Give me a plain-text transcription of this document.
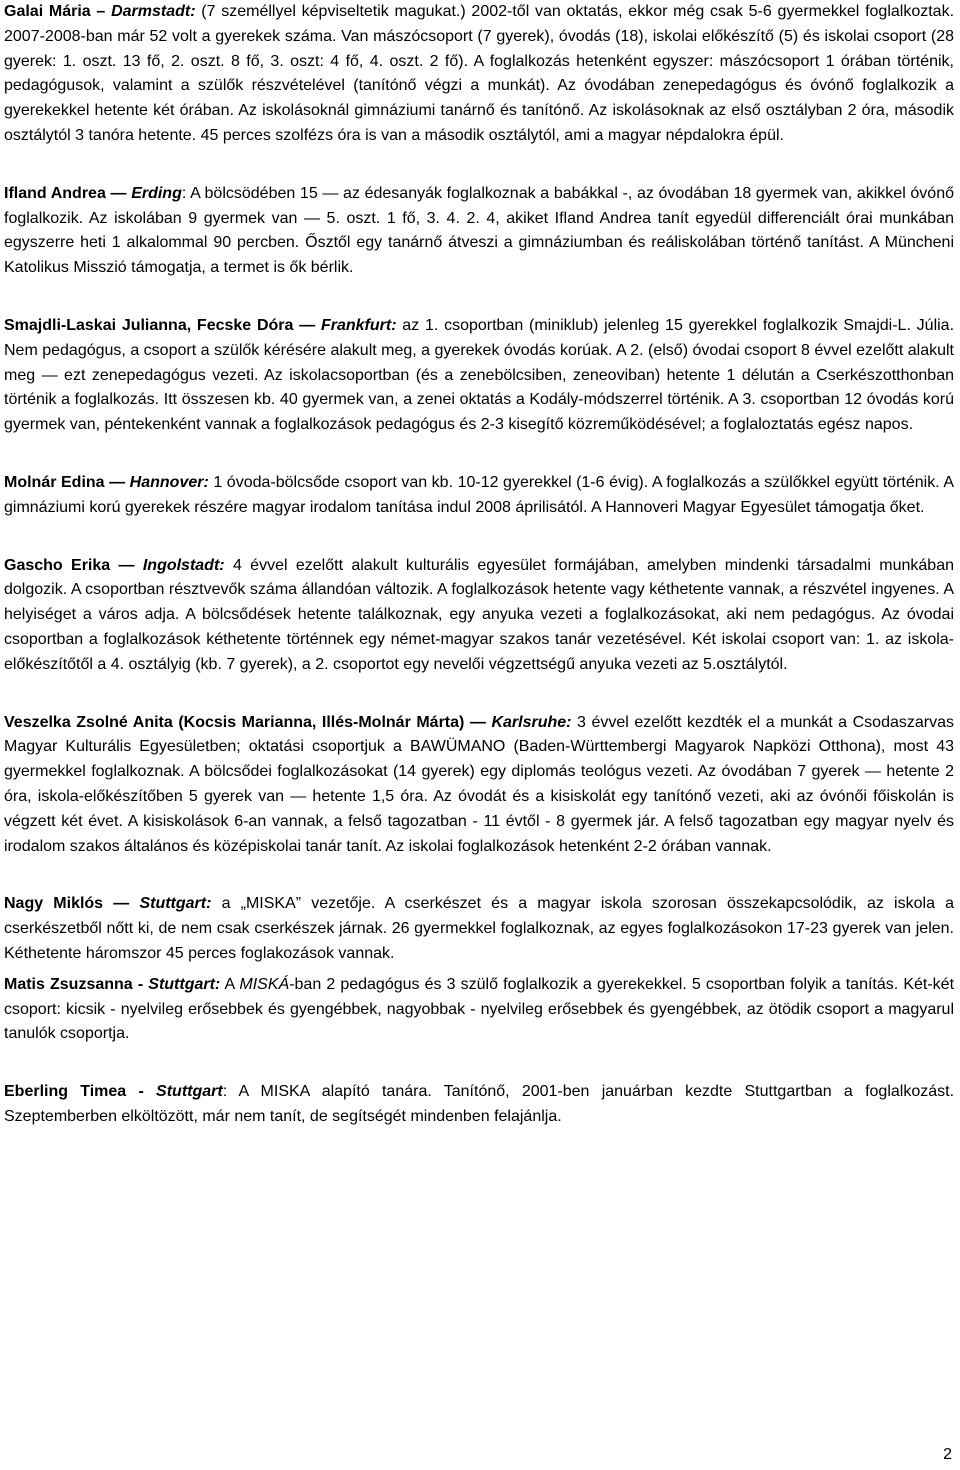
Galai Mária – Darmstadt: (7 személlyel képviseltetik magukat.) 2002-től van oktatás, ekkor még csak 5-6 gyermekkel foglalkoztak. 2007-2008-ban már 52 volt a gyerekek száma. Van mászócsoport (7 gyerek), óvodás (18), iskolai előkészítő (5) és iskolai csoport (28 gyerek: 1. oszt. 13 fő, 2. oszt. 8 fő, 3. oszt: 4 fő, 4. oszt. 2 fő). A foglalkozás hetenként egyszer: mászócsoport 1 órában történik, pedagógusok, valamint a szülők részvételével (tanítónő végzi a munkát). Az óvodában zenepedagógus és óvónő foglalkozik a gyerekekkel hetente két órában. Az iskolásoknál gimnáziumi tanárnő és tanítónő. Az iskolásoknak az első osztályban 2 óra, második osztálytól 3 tanóra hetente. 45 perces szolfézs óra is van a második osztálytól, ami a magyar népdalokra épül.

Ifland Andrea — Erding: A bölcsödében 15 — az édesanyák foglalkoznak a babákkal -, az óvodában 18 gyermek van, akikkel óvónő foglalkozik. Az iskolában 9 gyermek van — 5. oszt. 1 fő, 3. 4. 2. 4, akiket Ifland Andrea tanít egyedül differenciált órai munkában egyszerre heti 1 alkalommal 90 percben. Ősztől egy tanárnő átveszi a gimnáziumban és reáliskolában történő tanítást. A Müncheni Katolikus Misszió támogatja, a termet is ők bérlik.

Smajdli-Laskai Julianna, Fecske Dóra — Frankfurt: az 1. csoportban (miniklub) jelenleg 15 gyerekkel foglalkozik Smajdi-L. Júlia. Nem pedagógus, a csoport a szülők kérésére alakult meg, a gyerekek óvodás korúak. A 2. (első) óvodai csoport 8 évvel ezelőtt alakult meg — ezt zenepedagógus vezeti. Az iskolacsoportban (és a zenebölcsiben, zeneoviban) hetente 1 délután a Cserkészotthonban történik a foglalkozás. Itt összesen kb. 40 gyermek van, a zenei oktatás a Kodály-módszerrel történik. A 3. csoportban 12 óvodás korú gyermek van, péntekenként vannak a foglalkozások pedagógus és 2-3 kisegítő közreműködésével; a foglaloztatás egész napos.

Molnár Edina — Hannover: 1 óvoda-bölcsőde csoport van kb. 10-12 gyerekkel (1-6 évig). A foglalkozás a szülőkkel együtt történik. A gimnáziumi korú gyerekek részére magyar irodalom tanítása indul 2008 áprilisától. A Hannoveri Magyar Egyesület támogatja őket.

Gascho Erika — Ingolstadt: 4 évvel ezelőtt alakult kulturális egyesület formájában, amelyben mindenki társadalmi munkában dolgozik. A csoportban résztvevők száma állandóan változik. A foglalkozások hetente vagy kéthetente vannak, a részvétel ingyenes. A helyiséget a város adja. A bölcsődések hetente találkoznak, egy anyuka vezeti a foglalkozásokat, aki nem pedagógus. Az óvodai csoportban a foglalkozások kéthetente történnek egy német-magyar szakos tanár vezetésével. Két iskolai csoport van: 1. az iskola-előkészítőtől a 4. osztályig (kb. 7 gyerek), a 2. csoportot egy nevelői végzettségű anyuka vezeti az 5.osztálytól.

Veszelka Zsolné Anita (Kocsis Marianna, Illés-Molnár Márta) — Karlsruhe: 3 évvel ezelőtt kezdték el a munkát a Csodaszarvas Magyar Kulturális Egyesületben; oktatási csoportjuk a BAWÜMANO (Baden-Württembergi Magyarok Napközi Otthona), most 43 gyermekkel foglalkoznak. A bölcsődei foglalkozásokat (14 gyerek) egy diplomás teológus vezeti. Az óvodában 7 gyerek — hetente 2 óra, iskola-előkészítőben 5 gyerek van — hetente 1,5 óra. Az óvodát és a kisiskolát egy tanítónő vezeti, aki az óvónői főiskolán is végzett két évet. A kisiskolások 6-an vannak, a felső tagozatban - 11 évtől - 8 gyermek jár. A felső tagozatban egy magyar nyelv és irodalom szakos általános és középiskolai tanár tanít. Az iskolai foglalkozások hetenként 2-2 órában vannak.

Nagy Miklós — Stuttgart: a „MISKA” vezetője. A cserkészet és a magyar iskola szorosan összekapcsolódik, az iskola a cserkészetből nőtt ki, de nem csak cserkészek járnak. 26 gyermekkel foglalkoznak, az egyes foglalkozásokon 17-23 gyerek van jelen. Kéthetente háromszor 45 perces foglakozások vannak.

Matis Zsuzsanna - Stuttgart: A MISKÁ-ban 2 pedagógus és 3 szülő foglalkozik a gyerekekkel. 5 csoportban folyik a tanítás. Két-két csoport: kicsik - nyelvileg erősebbek és gyengébbek, nagyobbak - nyelvileg erősebbek és gyengébbek, az ötödik csoport a magyarul tanulók csoportja.

Eberling Timea - Stuttgart: A MISKA alapító tanára. Tanítónő, 2001-ben januárban kezdte Stuttgartban a foglalkozást. Szeptemberben elköltözött, már nem tanít, de segítségét mindenben felajánlja.

2
